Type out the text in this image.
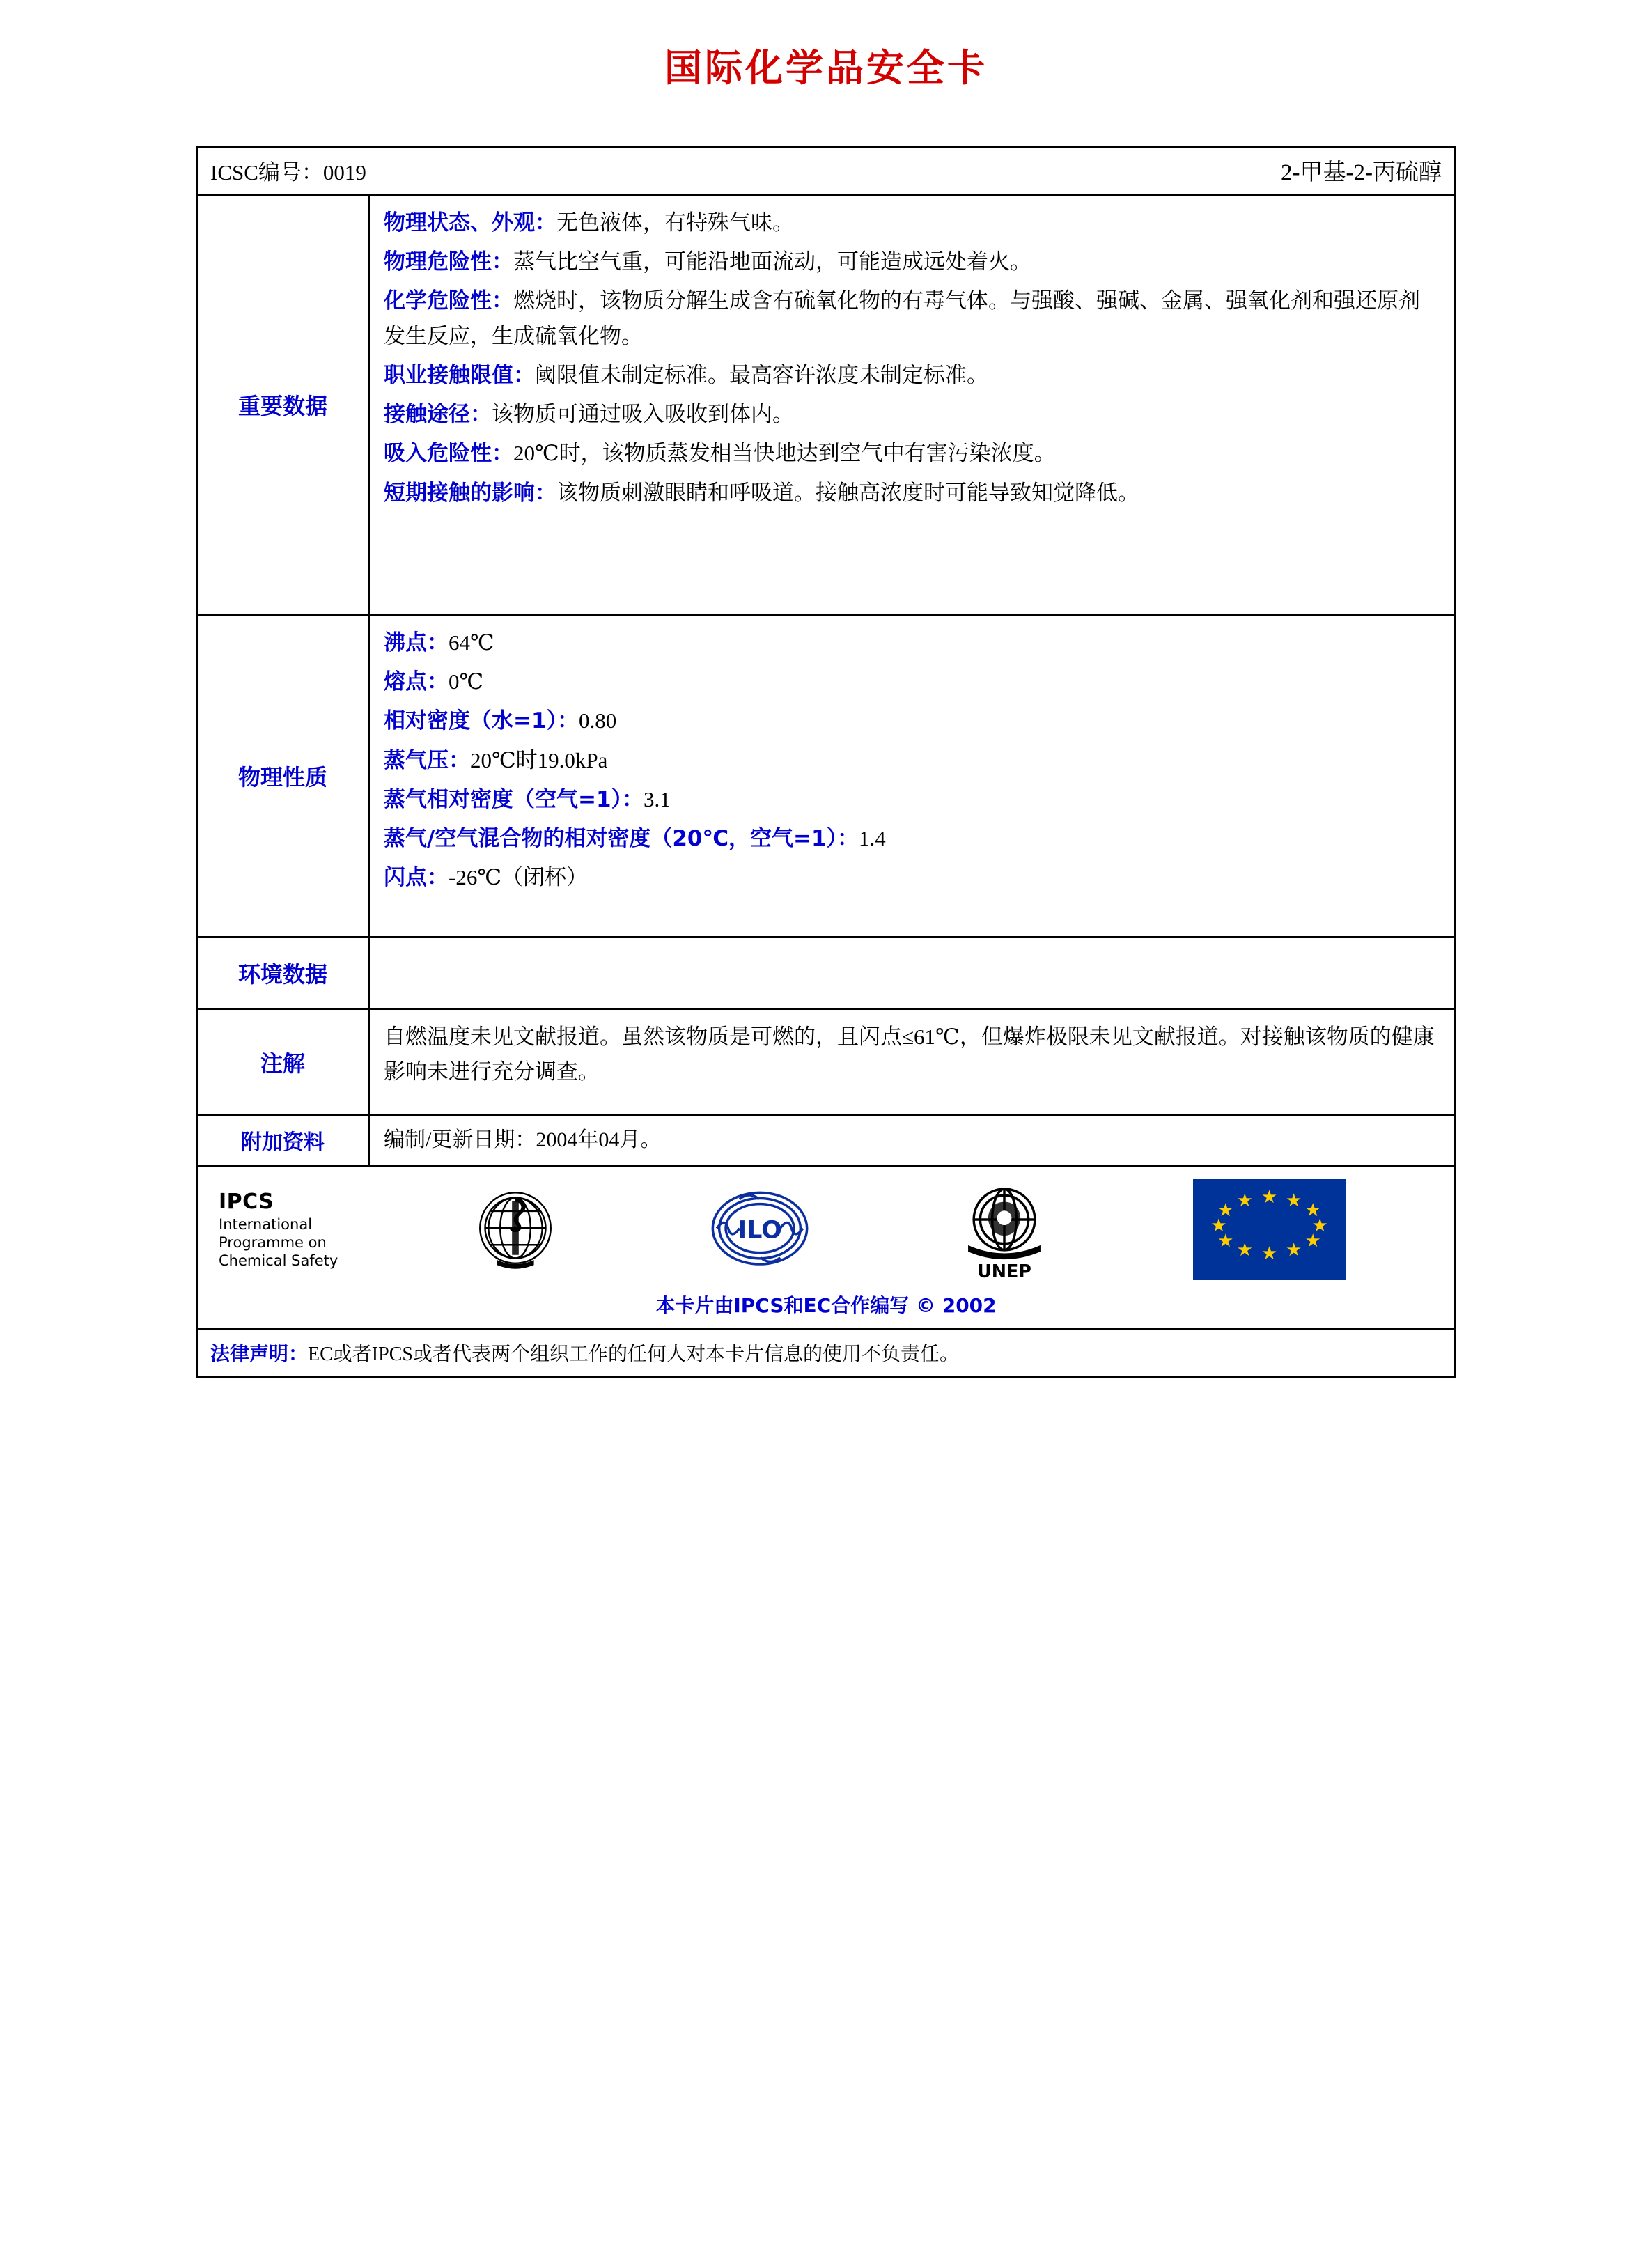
国际化学品安全卡
ICSC编号：0019	2-甲基-2-丙硫醇
重要数据
物理状态、外观：无色液体，有特殊气味。
物理危险性：蒸气比空气重，可能沿地面流动，可能造成远处着火。
化学危险性：燃烧时，该物质分解生成含有硫氧化物的有毒气体。与强酸、强碱、金属、强氧化剂和强还原剂发生反应，生成硫氧化物。
职业接触限值：阈限值未制定标准。最高容许浓度未制定标准。
接触途径：该物质可通过吸入吸收到体内。
吸入危险性：20℃时，该物质蒸发相当快地达到空气中有害污染浓度。
短期接触的影响：该物质刺激眼睛和呼吸道。接触高浓度时可能导致知觉降低。
物理性质
沸点：64℃
熔点：0℃
相对密度（水=1）：0.80
蒸气压：20℃时19.0kPa
蒸气相对密度（空气=1）：3.1
蒸气/空气混合物的相对密度（20℃，空气=1）：1.4
闪点：-26℃（闭杯）
环境数据
注解
自燃温度未见文献报道。虽然该物质是可燃的，且闪点≤61℃，但爆炸极限未见文献报道。对接触该物质的健康影响未进行充分调查。
附加资料	编制/更新日期：2004年04月。
IPCS
International
Programme on
Chemical Safety
ILO
UNEP
★ ★ ★
★
★
★
★
★
★
★
★ ★
本卡片由IPCS和EC合作编写 © 2002
法律声明：EC或者IPCS或者代表两个组织工作的任何人对本卡片信息的使用不负责任。
